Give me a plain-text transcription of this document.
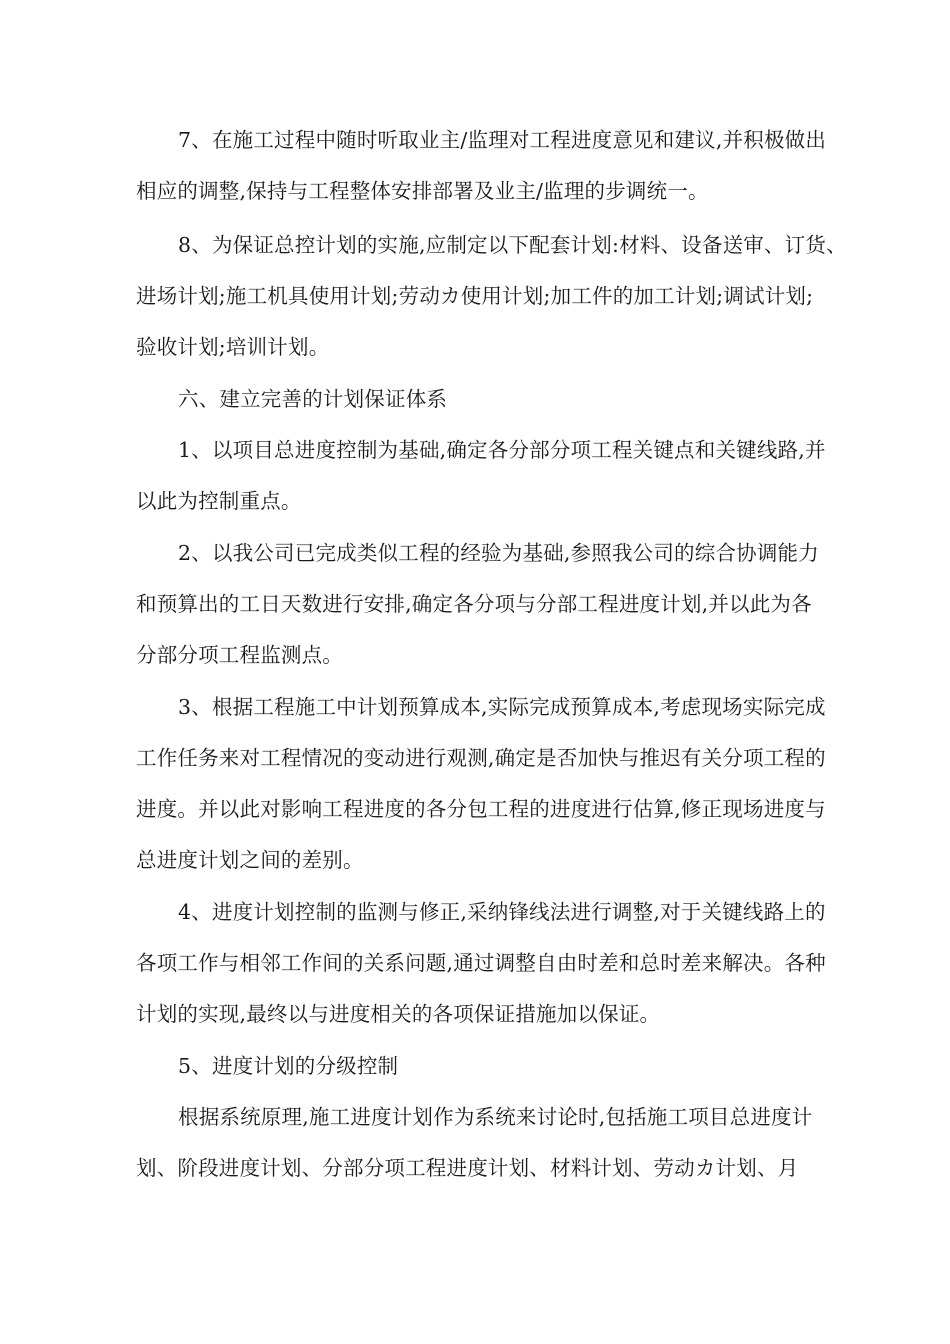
7、在施工过程中随时听取业主/监理对工程进度意见和建议,并积极做出
相应的调整,保持与工程整体安排部署及业主/监理的步调统一。
8、为保证总控计划的实施,应制定以下配套计划:材料、设备送审、订货、
进场计划;施工机具使用计划;劳动カ使用计划;加工件的加工计划;调试计划;
验收计划;培训计划。
六、建立完善的计划保证体系
1、以项目总进度控制为基础,确定各分部分项工程关键点和关键线路,并
以此为控制重点。
2、以我公司已完成类似工程的经验为基础,参照我公司的综合协调能力
和预算出的工日天数进行安排,确定各分项与分部工程进度计划,并以此为各
分部分项工程监测点。
3、根据工程施工中计划预算成本,实际完成预算成本,考虑现场实际完成
工作任务来对工程情况的变动进行观测,确定是否加快与推迟有关分项工程的
进度。并以此对影响工程进度的各分包工程的进度进行估算,修正现场进度与
总进度计划之间的差别。
4、进度计划控制的监测与修正,采纳锋线法进行调整,对于关键线路上的
各项工作与相邻工作间的关系问题,通过调整自由时差和总时差来解决。各种
计划的实现,最终以与进度相关的各项保证措施加以保证。
5、进度计划的分级控制
根据系统原理,施工进度计划作为系统来讨论时,包括施工项目总进度计
划、阶段进度计划、分部分项工程进度计划、材料计划、劳动カ计划、月
